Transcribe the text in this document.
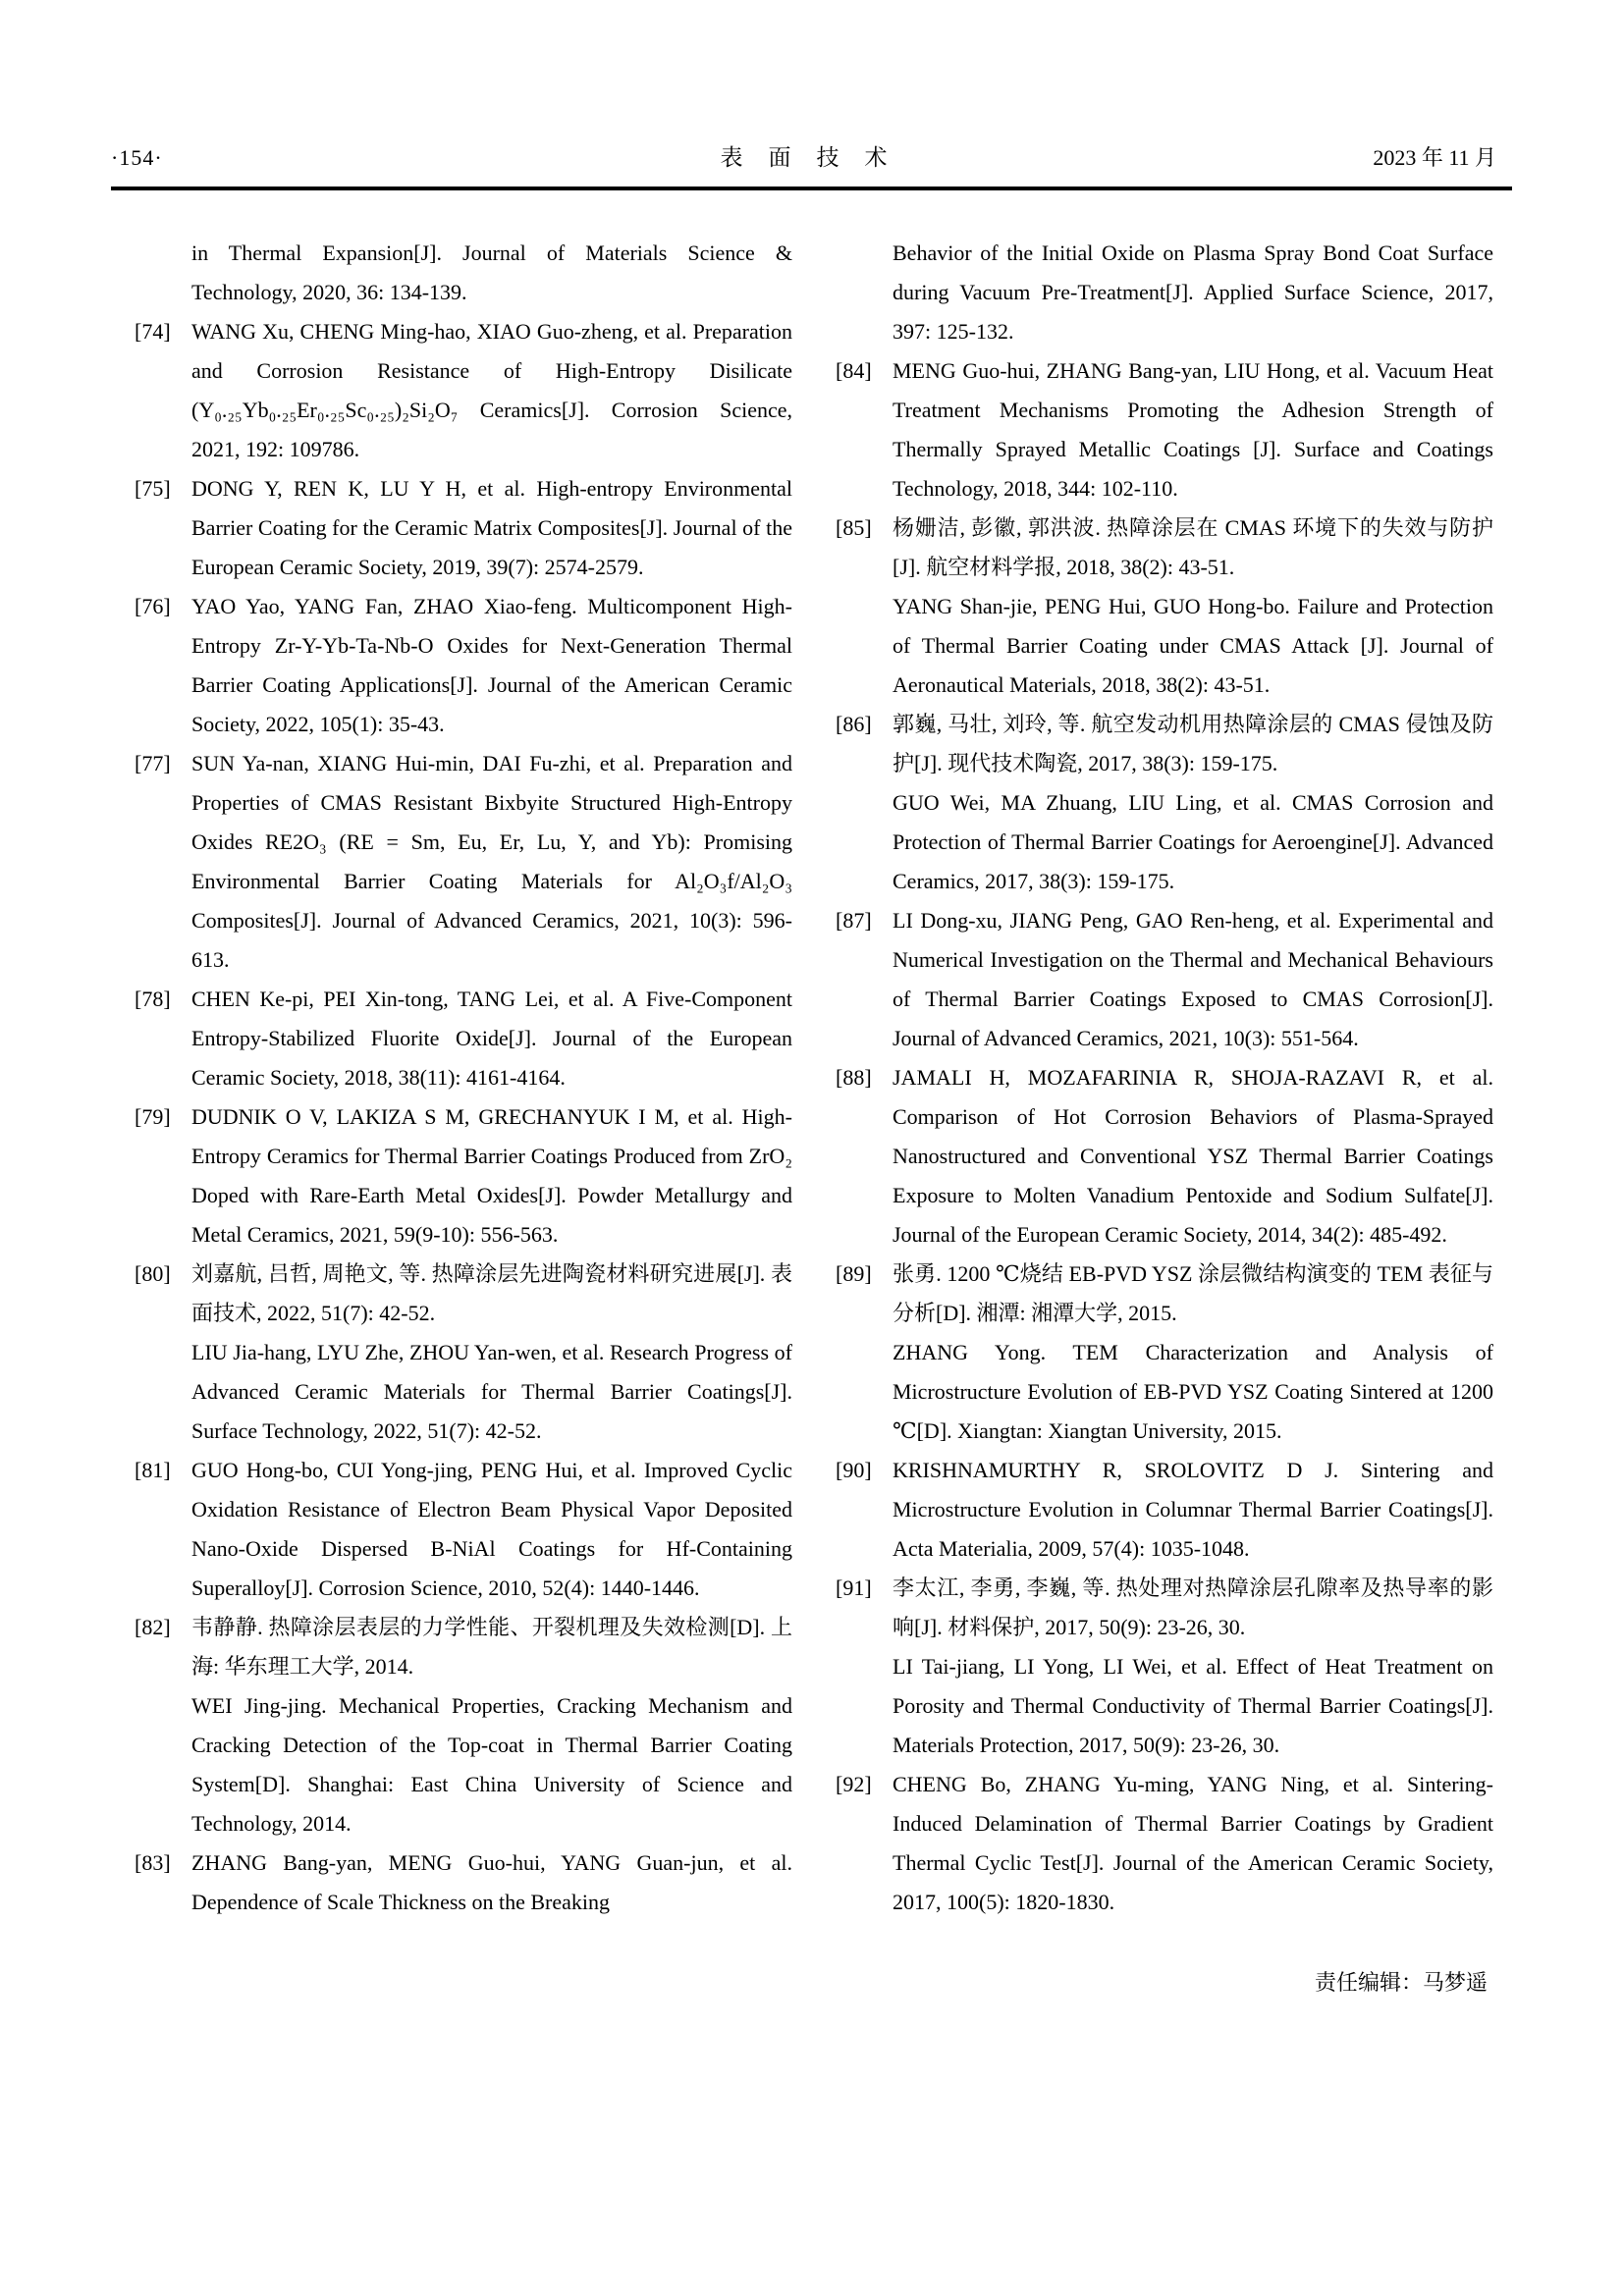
·154·	表面技术	2023 年 11 月
in Thermal Expansion[J]. Journal of Materials Science & Technology, 2020, 36: 134-139.
[74] WANG Xu, CHENG Ming-hao, XIAO Guo-zheng, et al. Preparation and Corrosion Resistance of High-Entropy Disilicate (Y₀.₂₅Yb₀.₂₅Er₀.₂₅Sc₀.₂₅)₂Si₂O₇ Ceramics[J]. Corrosion Science, 2021, 192: 109786.
[75] DONG Y, REN K, LU Y H, et al. High-entropy Environmental Barrier Coating for the Ceramic Matrix Composites[J]. Journal of the European Ceramic Society, 2019, 39(7): 2574-2579.
[76] YAO Yao, YANG Fan, ZHAO Xiao-feng. Multicomponent High-Entropy Zr-Y-Yb-Ta-Nb-O Oxides for Next-Generation Thermal Barrier Coating Applications[J]. Journal of the American Ceramic Society, 2022, 105(1): 35-43.
[77] SUN Ya-nan, XIANG Hui-min, DAI Fu-zhi, et al. Preparation and Properties of CMAS Resistant Bixbyite Structured High-Entropy Oxides RE2O₃ (RE = Sm, Eu, Er, Lu, Y, and Yb): Promising Environmental Barrier Coating Materials for Al₂O₃f/Al₂O₃ Composites[J]. Journal of Advanced Ceramics, 2021, 10(3): 596-613.
[78] CHEN Ke-pi, PEI Xin-tong, TANG Lei, et al. A Five-Component Entropy-Stabilized Fluorite Oxide[J]. Journal of the European Ceramic Society, 2018, 38(11): 4161-4164.
[79] DUDNIK O V, LAKIZA S M, GRECHANYUK I M, et al. High-Entropy Ceramics for Thermal Barrier Coatings Produced from ZrO₂ Doped with Rare-Earth Metal Oxides[J]. Powder Metallurgy and Metal Ceramics, 2021, 59(9-10): 556-563.
[80] 刘嘉航, 吕哲, 周艳文, 等. 热障涂层先进陶瓷材料研究进展[J]. 表面技术, 2022, 51(7): 42-52.
LIU Jia-hang, LYU Zhe, ZHOU Yan-wen, et al. Research Progress of Advanced Ceramic Materials for Thermal Barrier Coatings[J]. Surface Technology, 2022, 51(7): 42-52.
[81] GUO Hong-bo, CUI Yong-jing, PENG Hui, et al. Improved Cyclic Oxidation Resistance of Electron Beam Physical Vapor Deposited Nano-Oxide Dispersed B-NiAl Coatings for Hf-Containing Superalloy[J]. Corrosion Science, 2010, 52(4): 1440-1446.
[82] 韦静静. 热障涂层表层的力学性能、开裂机理及失效检测[D]. 上海: 华东理工大学, 2014.
WEI Jing-jing. Mechanical Properties, Cracking Mechanism and Cracking Detection of the Top-coat in Thermal Barrier Coating System[D]. Shanghai: East China University of Science and Technology, 2014.
[83] ZHANG Bang-yan, MENG Guo-hui, YANG Guan-jun, et al. Dependence of Scale Thickness on the Breaking
Behavior of the Initial Oxide on Plasma Spray Bond Coat Surface during Vacuum Pre-Treatment[J]. Applied Surface Science, 2017, 397: 125-132.
[84] MENG Guo-hui, ZHANG Bang-yan, LIU Hong, et al. Vacuum Heat Treatment Mechanisms Promoting the Adhesion Strength of Thermally Sprayed Metallic Coatings [J]. Surface and Coatings Technology, 2018, 344: 102-110.
[85] 杨姗洁, 彭徽, 郭洪波. 热障涂层在 CMAS 环境下的失效与防护[J]. 航空材料学报, 2018, 38(2): 43-51.
YANG Shan-jie, PENG Hui, GUO Hong-bo. Failure and Protection of Thermal Barrier Coating under CMAS Attack [J]. Journal of Aeronautical Materials, 2018, 38(2): 43-51.
[86] 郭巍, 马壮, 刘玲, 等. 航空发动机用热障涂层的 CMAS 侵蚀及防护[J]. 现代技术陶瓷, 2017, 38(3): 159-175.
GUO Wei, MA Zhuang, LIU Ling, et al. CMAS Corrosion and Protection of Thermal Barrier Coatings for Aeroengine[J]. Advanced Ceramics, 2017, 38(3): 159-175.
[87] LI Dong-xu, JIANG Peng, GAO Ren-heng, et al. Experimental and Numerical Investigation on the Thermal and Mechanical Behaviours of Thermal Barrier Coatings Exposed to CMAS Corrosion[J]. Journal of Advanced Ceramics, 2021, 10(3): 551-564.
[88] JAMALI H, MOZAFARINIA R, SHOJA-RAZAVI R, et al. Comparison of Hot Corrosion Behaviors of Plasma-Sprayed Nanostructured and Conventional YSZ Thermal Barrier Coatings Exposure to Molten Vanadium Pentoxide and Sodium Sulfate[J]. Journal of the European Ceramic Society, 2014, 34(2): 485-492.
[89] 张勇. 1200 ℃烧结 EB-PVD YSZ 涂层微结构演变的 TEM 表征与分析[D]. 湘潭: 湘潭大学, 2015.
ZHANG Yong. TEM Characterization and Analysis of Microstructure Evolution of EB-PVD YSZ Coating Sintered at 1200 ℃[D]. Xiangtan: Xiangtan University, 2015.
[90] KRISHNAMURTHY R, SROLOVITZ D J. Sintering and Microstructure Evolution in Columnar Thermal Barrier Coatings[J]. Acta Materialia, 2009, 57(4): 1035-1048.
[91] 李太江, 李勇, 李巍, 等. 热处理对热障涂层孔隙率及热导率的影响[J]. 材料保护, 2017, 50(9): 23-26, 30.
LI Tai-jiang, LI Yong, LI Wei, et al. Effect of Heat Treatment on Porosity and Thermal Conductivity of Thermal Barrier Coatings[J]. Materials Protection, 2017, 50(9): 23-26, 30.
[92] CHENG Bo, ZHANG Yu-ming, YANG Ning, et al. Sintering-Induced Delamination of Thermal Barrier Coatings by Gradient Thermal Cyclic Test[J]. Journal of the American Ceramic Society, 2017, 100(5): 1820-1830.
责任编辑：马梦遥
